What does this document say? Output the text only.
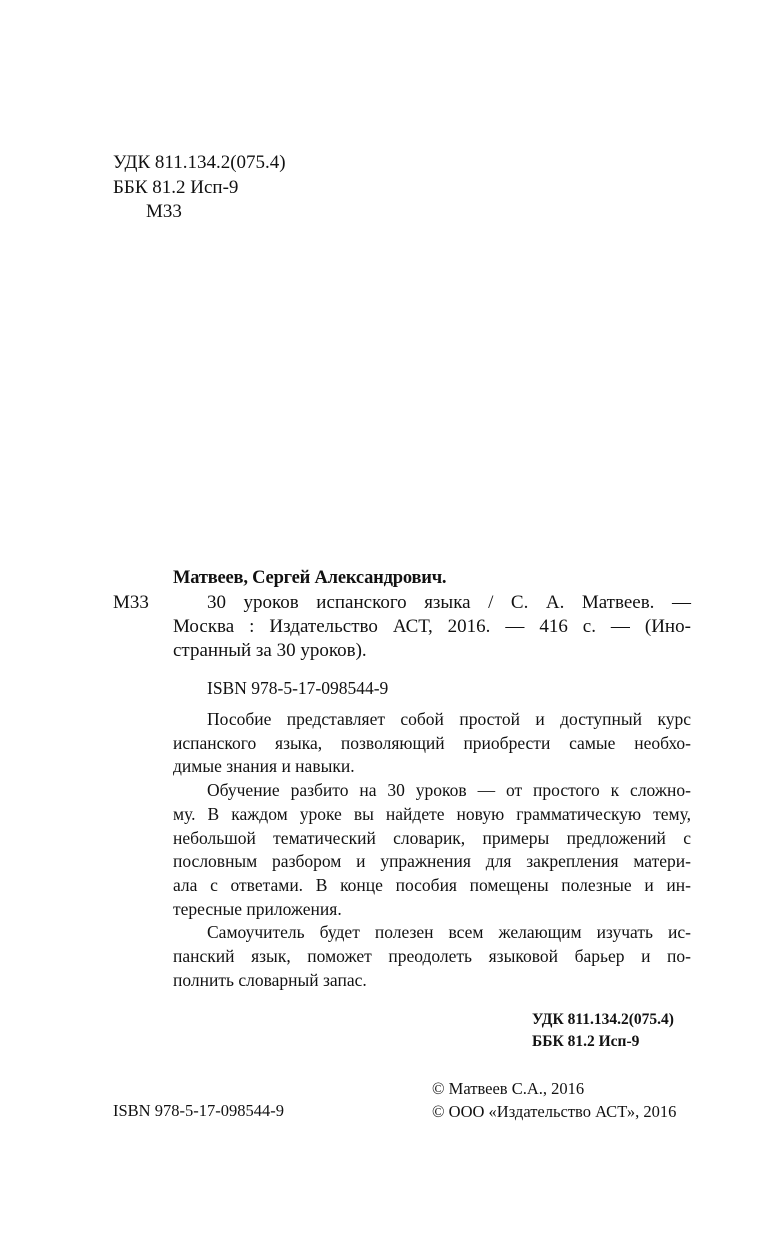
УДК 811.134.2(075.4)
ББК 81.2 Исп-9
М33
Матвеев, Сергей Александрович.
М33	30 уроков испанского языка / С. А. Матвеев. —
Москва : Издательство АСТ, 2016. — 416 с. — (Ино-
странный за 30 уроков).
ISBN 978-5-17-098544-9
Пособие представляет собой простой и доступный курс
испанского языка, позволяющий приобрести самые необхо-
димые знания и навыки.
Обучение разбито на 30 уроков — от простого к сложно-
му. В каждом уроке вы найдете новую грамматическую тему,
небольшой тематический словарик, примеры предложений с
пословным разбором и упражнения для закрепления матери-
ала с ответами. В конце пособия помещены полезные и ин-
тересные приложения.
Самоучитель будет полезен всем желающим изучать ис-
панский язык, поможет преодолеть языковой барьер и по-
полнить словарный запас.
УДК 811.134.2(075.4)
ББК 81.2 Исп-9
ISBN 978-5-17-098544-9
© Матвеев С.А., 2016
© ООО «Издательство АСТ», 2016
